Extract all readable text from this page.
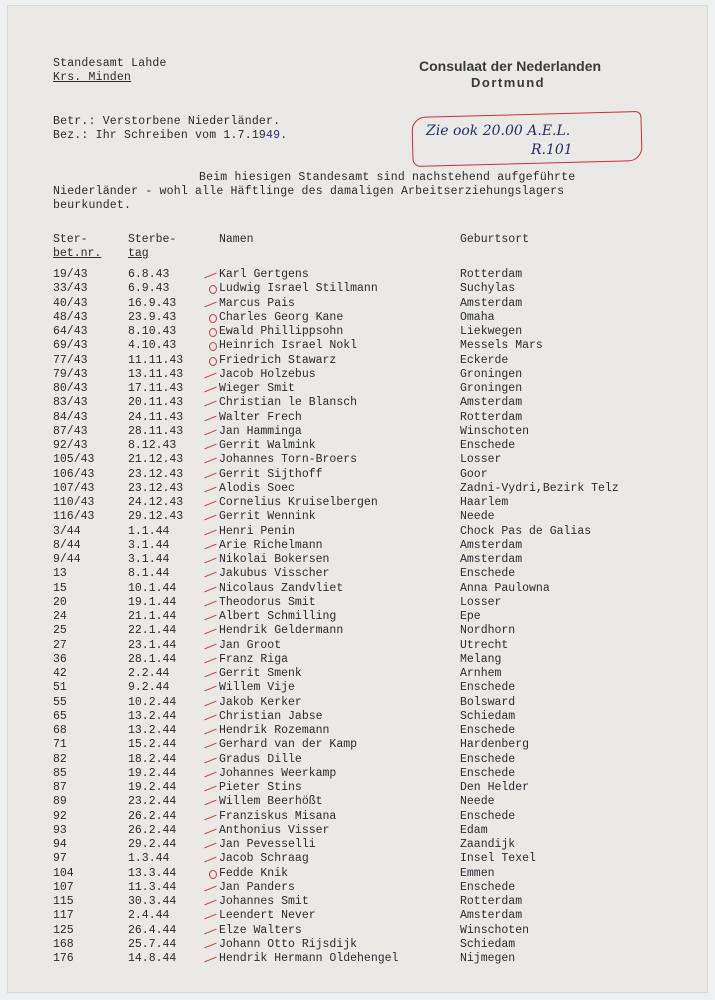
Standesamt Lahde
Krs. Minden
Consulaat der Nederlanden
Dortmund
Betr.: Verstorbene Niederländer.
Bez.: Ihr Schreiben vom 1.7.1949.	Zie ook 20.00 A.E.L.
R.101
Beim hiesigen Standesamt sind nachstehend aufgeführte
Niederländer - wohl alle Häftlinge des damaligen Arbeitserziehungslagers
beurkundet.
Ster-
bet.nr.
Sterbe-
tag
Namen	Geburtsort
19/43	6.8.43	Karl Gertgens	Rotterdam
33/43	6.9.43	Ludwig Israel Stillmann	Suchylas
40/43	16.9.43	Marcus Pais	Amsterdam
48/43	23.9.43	Charles Georg Kane	Omaha
64/43	8.10.43	Ewald Phillippsohn	Liekwegen
69/43	4.10.43	Heinrich Israel Nokl	Messels Mars
77/43	11.11.43	Friedrich Stawarz	Eckerde
79/43	13.11.43	Jacob Holzebus	Groningen
80/43	17.11.43	Wieger Smit	Groningen
83/43	20.11.43	Christian le Blansch	Amsterdam
84/43	24.11.43	Walter Frech	Rotterdam
87/43	28.11.43	Jan Hamminga	Winschoten
92/43	8.12.43	Gerrit Walmink	Enschede
105/43	21.12.43	Johannes Torn-Broers	Losser
106/43	23.12.43	Gerrit Sijthoff	Goor
107/43	23.12.43	Alodis Soec	Zadni-Vydri,Bezirk Telz
110/43	24.12.43	Cornelius Kruiselbergen	Haarlem
116/43	29.12.43	Gerrit Wennink	Neede
3/44	1.1.44	Henri Penin	Chock Pas de Galias
8/44	3.1.44	Arie Richelmann	Amsterdam
9/44	3.1.44	Nikolai Bokersen	Amsterdam
13	8.1.44	Jakubus Visscher	Enschede
15	10.1.44	Nicolaus Zandvliet	Anna Paulowna
20	19.1.44	Theodorus Smit	Losser
24	21.1.44	Albert Schmilling	Epe
25	22.1.44	Hendrik Geldermann	Nordhorn
27	23.1.44	Jan Groot	Utrecht
36	28.1.44	Franz Riga	Melang
42	2.2.44	Gerrit Smenk	Arnhem
51	9.2.44	Willem Vije	Enschede
55	10.2.44	Jakob Kerker	Bolsward
65	13.2.44	Christian Jabse	Schiedam
68	13.2.44	Hendrik Rozemann	Enschede
71	15.2.44	Gerhard van der Kamp	Hardenberg
82	18.2.44	Gradus Dille	Enschede
85	19.2.44	Johannes Weerkamp	Enschede
87	19.2.44	Pieter Stins	Den Helder
89	23.2.44	Willem Beerhößt	Neede
92	26.2.44	Franziskus Misana	Enschede
93	26.2.44	Anthonius Visser	Edam
94	29.2.44	Jan Pevesselli	Zaandijk
97	1.3.44	Jacob Schraag	Insel Texel
104	13.3.44	Fedde Knik	Emmen
107	11.3.44	Jan Panders	Enschede
115	30.3.44	Johannes Smit	Rotterdam
117	2.4.44	Leendert Never	Amsterdam
125	26.4.44	Elze Walters	Winschoten
168	25.7.44	Johann Otto Rijsdijk	Schiedam
176	14.8.44	Hendrik Hermann Oldehengel	Nijmegen
